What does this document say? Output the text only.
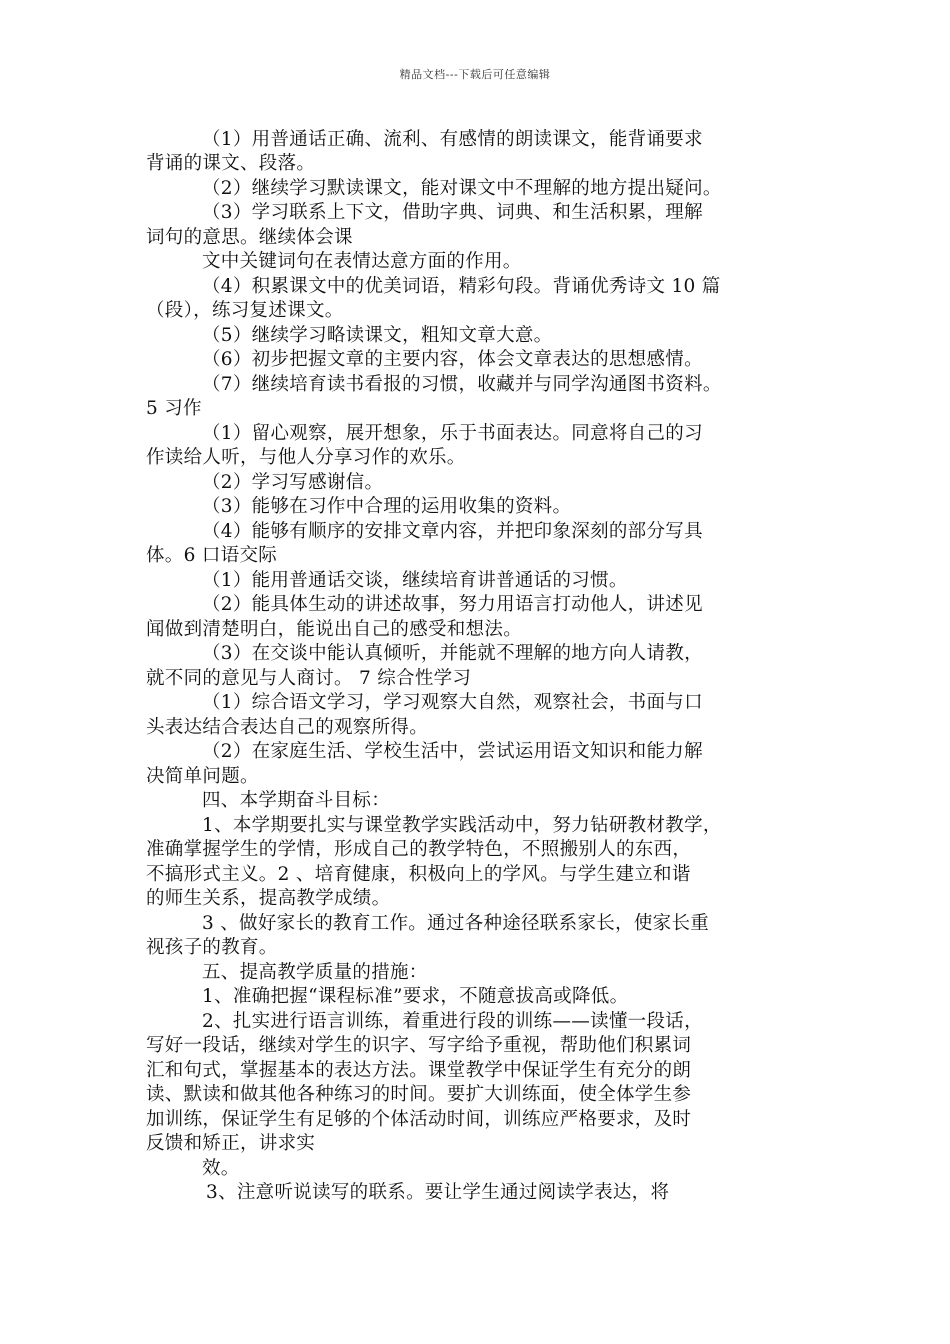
精品文档---下载后可任意编辑
（1）用普通话正确、流利、有感情的朗读课文，能背诵要求
背诵的课文、段落。
（2）继续学习默读课文，能对课文中不理解的地方提出疑问。
（3）学习联系上下文，借助字典、词典、和生活积累，理解
词句的意思。继续体会课
文中关键词句在表情达意方面的作用。
（4）积累课文中的优美词语，精彩句段。背诵优秀诗文 10 篇
（段），练习复述课文。
（5）继续学习略读课文，粗知文章大意。
（6）初步把握文章的主要内容，体会文章表达的思想感情。
（7）继续培育读书看报的习惯，收藏并与同学沟通图书资料。
5 习作
（1）留心观察，展开想象，乐于书面表达。同意将自己的习
作读给人听，与他人分享习作的欢乐。
（2）学习写感谢信。
（3）能够在习作中合理的运用收集的资料。
（4）能够有顺序的安排文章内容，并把印象深刻的部分写具
体。6 口语交际
（1）能用普通话交谈，继续培育讲普通话的习惯。
（2）能具体生动的讲述故事，努力用语言打动他人，讲述见
闻做到清楚明白，能说出自己的感受和想法。
（3）在交谈中能认真倾听，并能就不理解的地方向人请教，
就不同的意见与人商讨。 7 综合性学习
（1）综合语文学习，学习观察大自然，观察社会，书面与口
头表达结合表达自己的观察所得。
（2）在家庭生活、学校生活中，尝试运用语文知识和能力解
决简单问题。
四、本学期奋斗目标：
1、本学期要扎实与课堂教学实践活动中，努力钻研教材教学，
准确掌握学生的学情，形成自己的教学特色，不照搬别人的东西，
不搞形式主义。2 、培育健康，积极向上的学风。与学生建立和谐
的师生关系，提高教学成绩。
3 、做好家长的教育工作。通过各种途径联系家长，使家长重
视孩子的教育。
五、提高教学质量的措施：
1、准确把握“课程标准”要求，不随意拔高或降低。
2、扎实进行语言训练，着重进行段的训练——读懂一段话，
写好一段话，继续对学生的识字、写字给予重视，帮助他们积累词
汇和句式，掌握基本的表达方法。课堂教学中保证学生有充分的朗
读、默读和做其他各种练习的时间。要扩大训练面，使全体学生参
加训练，保证学生有足够的个体活动时间，训练应严格要求，及时
反馈和矫正，讲求实
效。
3、注意听说读写的联系。要让学生通过阅读学表达，将
